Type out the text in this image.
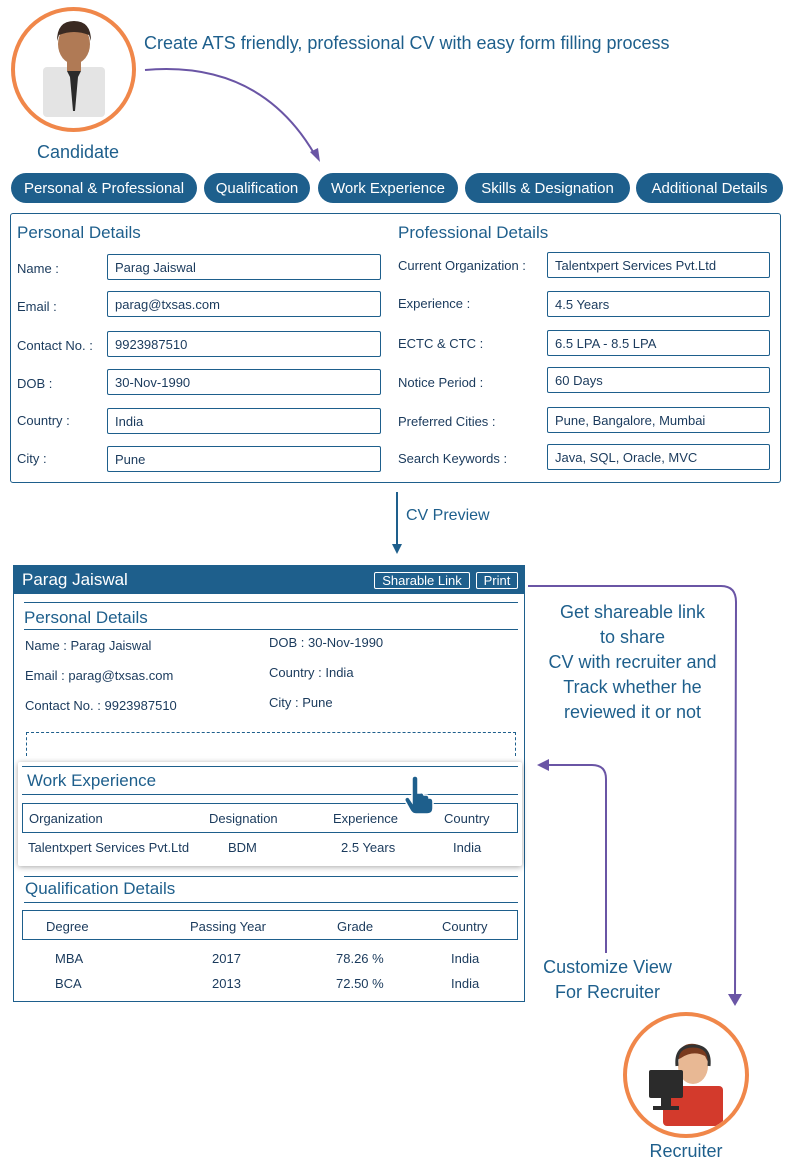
Create ATS friendly, professional CV with easy form filling process
Candidate
Personal & Professional	Qualification	Work Experience	Skills & Designation	Additional Details
Personal Details	Professional Details
Name :	Parag Jaiswal
Email :	parag@txsas.com
Contact No. :	9923987510
DOB :	30-Nov-1990
Country :	India
City :	Pune
Current Organization :	Talentxpert Services Pvt.Ltd
Experience :	4.5 Years
ECTC & CTC :	6.5 LPA - 8.5 LPA
Notice Period :	60 Days
Preferred Cities :	Pune, Bangalore, Mumbai
Search Keywords :	Java, SQL, Oracle, MVC
CV Preview
Parag Jaiswal	Sharable Link	Print
Personal Details
Name : Parag Jaiswal	DOB : 30-Nov-1990
Email : parag@txsas.com	Country : India
Contact No. : 9923987510	City : Pune
Work Experience
Organization	Designation	Experience	Country
Talentxpert Services Pvt.Ltd	BDM	2.5 Years	India
Qualification Details
Degree	Passing Year	Grade	Country
MBA	2017	78.26 %	India
BCA	2013	72.50 %	India
Get shareable link
to share
CV with recruiter and
Track whether he
reviewed it or not
Customize View
For Recruiter
Recruiter
